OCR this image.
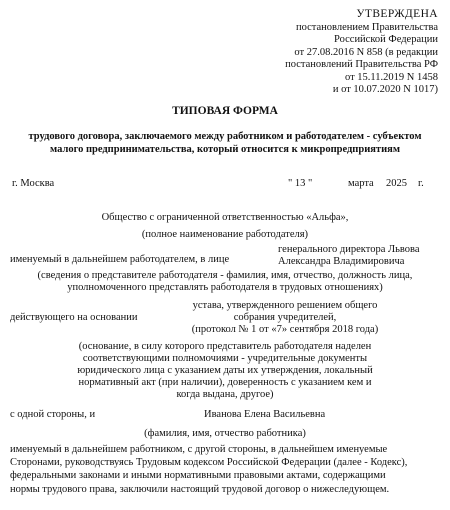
УТВЕРЖДЕНА
постановлением Правительства
Российской Федерации
от 27.08.2016 N 858 (в редакции
постановлений Правительства РФ
от 15.11.2019 N 1458
и от 10.07.2020 N 1017)
ТИПОВАЯ ФОРМА
трудового договора, заключаемого между работником и работодателем - субъектом
малого предпринимательства, который относится к микропредприятиям
г. Москва	" 13 "	марта 2025 г.
Общество с ограниченной ответственностью «Альфа»,
(полное наименование работодателя)
именуемый в дальнейшем работодателем, в лице
генерального директора Львова
Александра Владимировича
(сведения о представителе работодателя - фамилия, имя, отчество, должность лица,
уполномоченного представлять работодателя в трудовых отношениях)
действующего на основании
устава, утвержденного решением общего
собрания учредителей,
(протокол № 1 от «7» сентября 2018 года)
(основание, в силу которого представитель работодателя наделен
соответствующими полномочиями - учредительные документы
юридического лица с указанием даты их утверждения, локальный
нормативный акт (при наличии), доверенность с указанием кем и
когда выдана, другое)
с одной стороны, и	Иванова Елена Васильевна
(фамилия, имя, отчество работника)
именуемый в дальнейшем работником, с другой стороны, в дальнейшем именуемые
Сторонами, руководствуясь Трудовым кодексом Российской Федерации (далее - Кодекс),
федеральными законами и иными нормативными правовыми актами, содержащими
нормы трудового права, заключили настоящий трудовой договор о нижеследующем.
